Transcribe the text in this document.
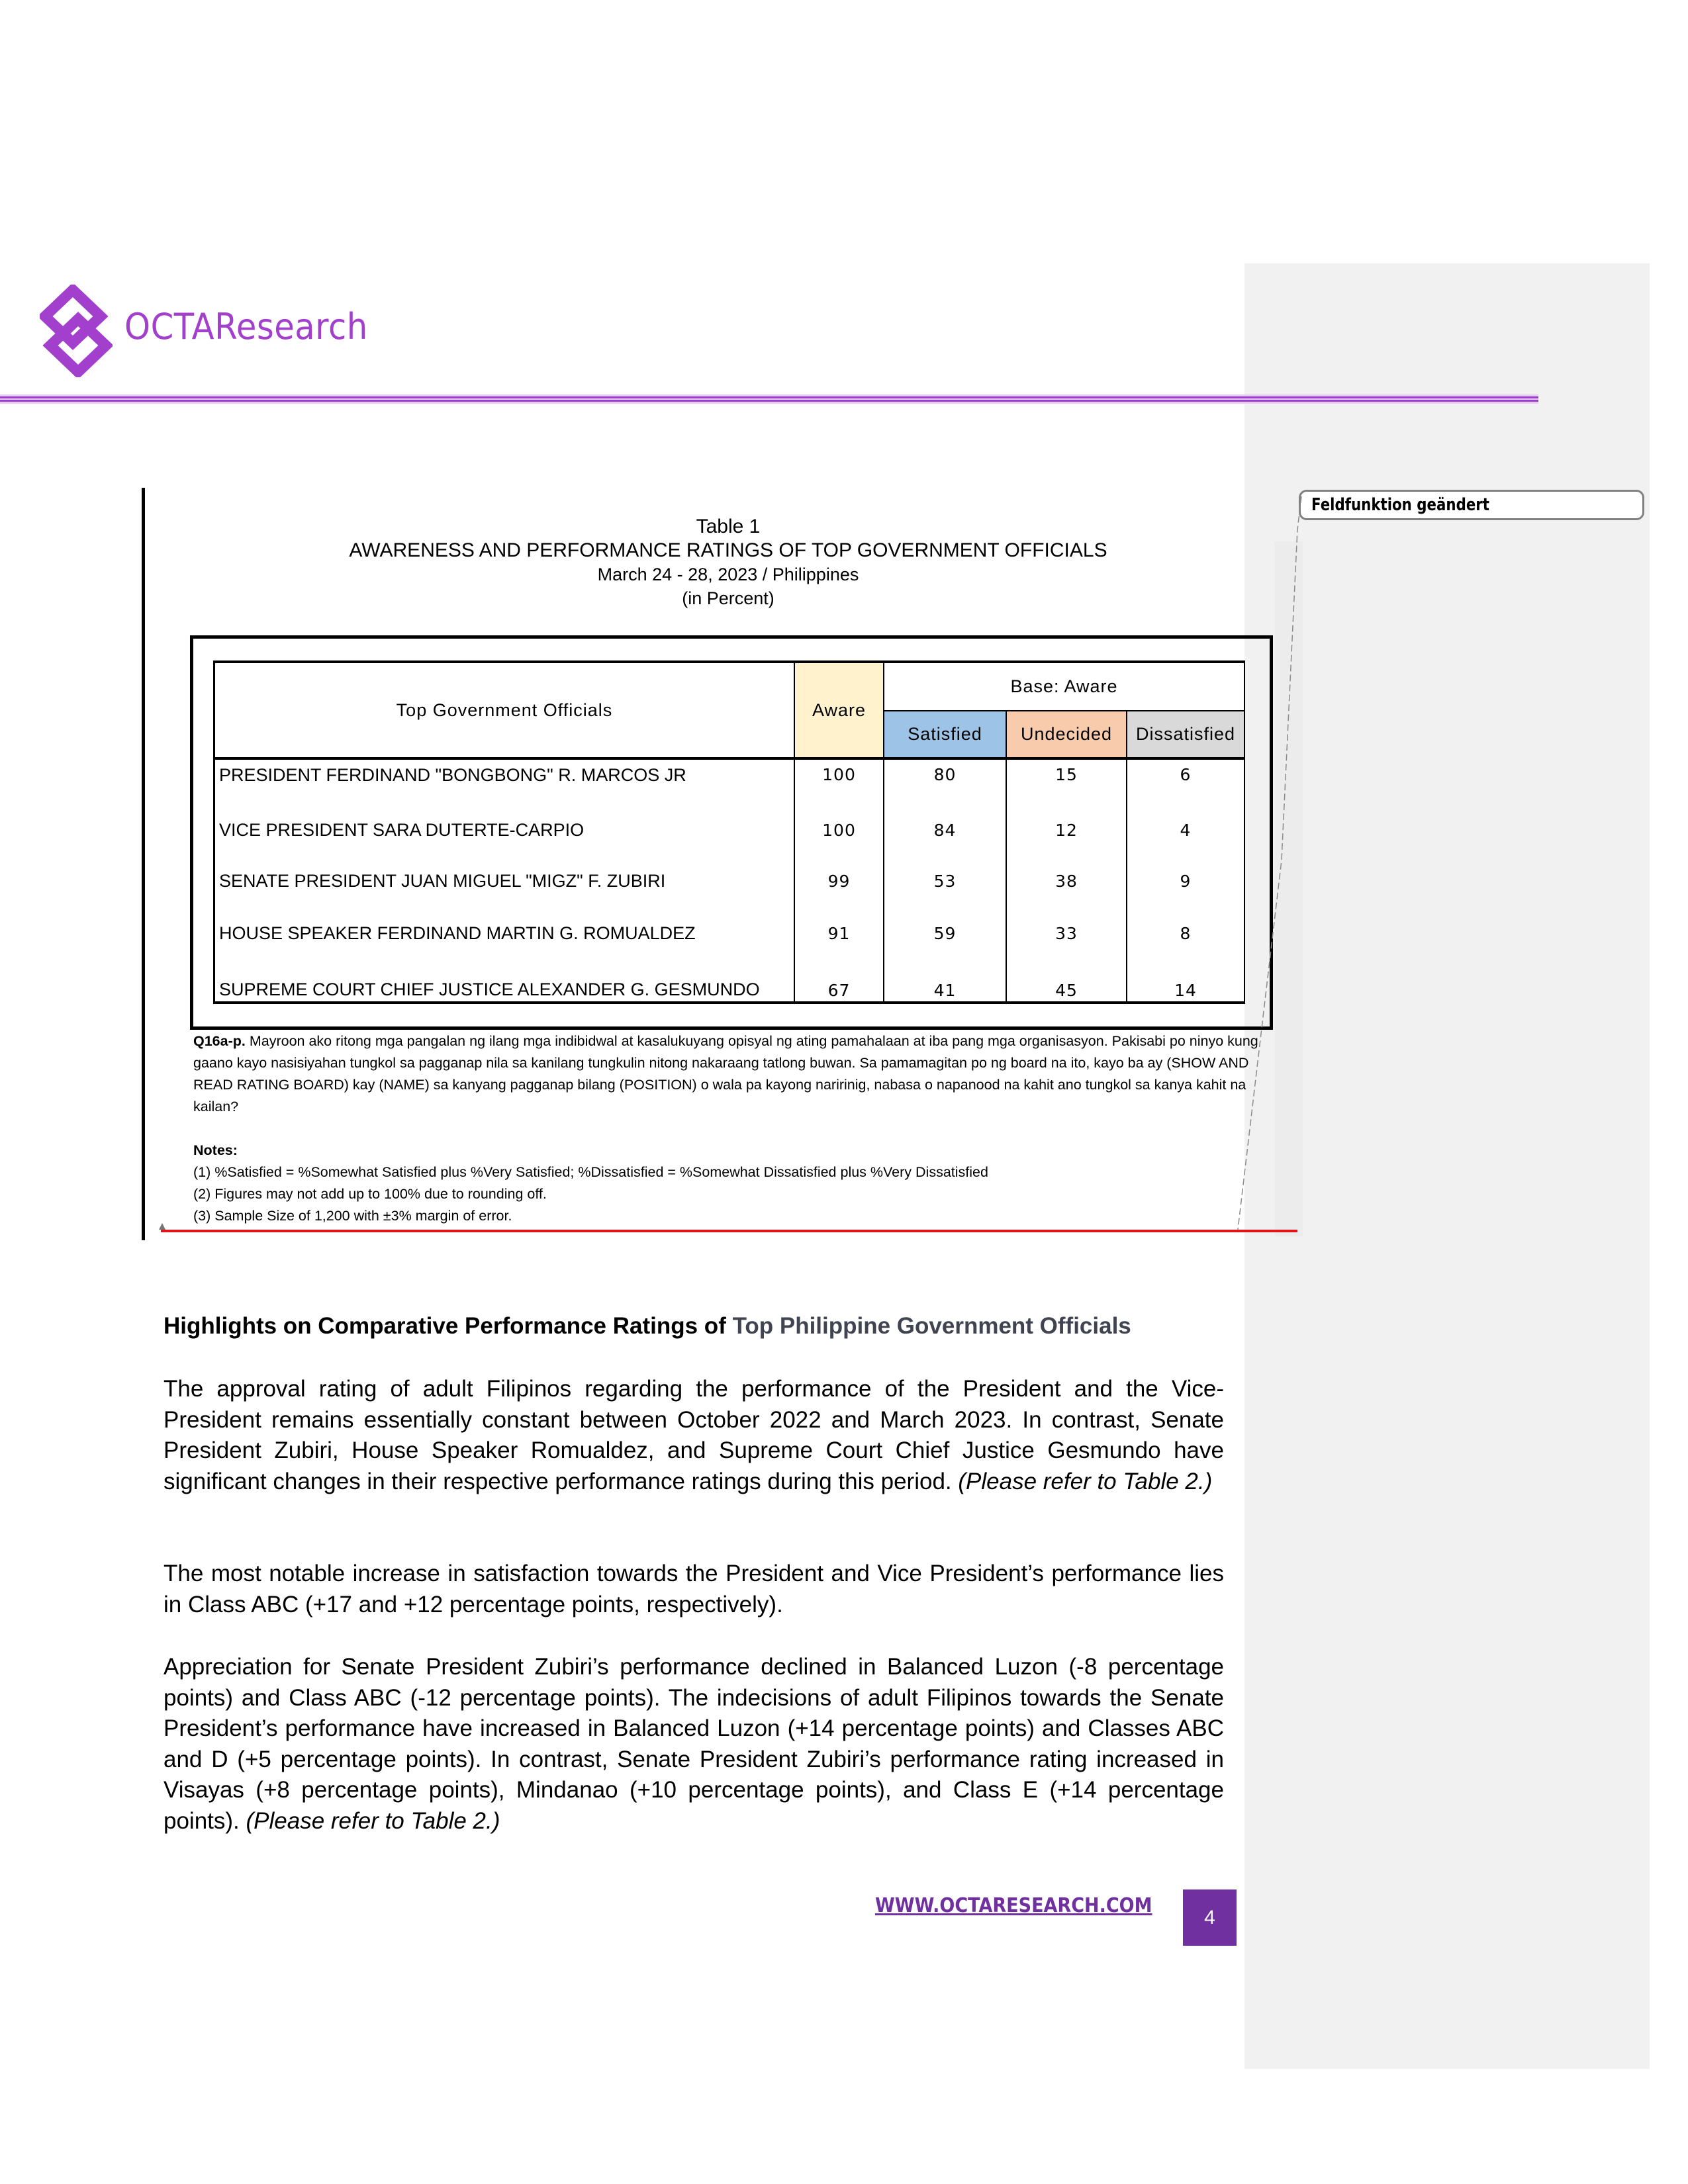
Feldfunktion geändert
OCTAResearch
Table 1
AWARENESS AND PERFORMANCE RATINGS OF TOP GOVERNMENT OFFICIALS
March 24 - 28, 2023 / Philippines
(in Percent)
Top Government Officials	Aware	Base: Aware		
		Satisfied	Undecided	Dissatisfied
PRESIDENT FERDINAND "BONGBONG" R. MARCOS JR	100	80	15	6
VICE PRESIDENT SARA DUTERTE-CARPIO	100	84	12	4
SENATE PRESIDENT JUAN MIGUEL "MIGZ" F. ZUBIRI	99	53	38	9
HOUSE SPEAKER FERDINAND MARTIN G. ROMUALDEZ	91	59	33	8
SUPREME COURT CHIEF JUSTICE ALEXANDER G. GESMUNDO	67	41	45	14
Q16a-p. Mayroon ako ritong mga pangalan ng ilang mga indibidwal at kasalukuyang opisyal ng ating pamahalaan at iba pang mga organisasyon. Pakisabi po ninyo kung gaano kayo nasisiyahan tungkol sa pagganap nila sa kanilang tungkulin nitong nakaraang tatlong buwan. Sa pamamagitan po ng board na ito, kayo ba ay (SHOW AND READ RATING BOARD) kay (NAME) sa kanyang pagganap bilang (POSITION) o wala pa kayong naririnig, nabasa o napanood na kahit ano tungkol sa kanya kahit na kailan?
Notes:
(1) %Satisfied = %Somewhat Satisfied plus %Very Satisfied; %Dissatisfied = %Somewhat Dissatisfied plus %Very Dissatisfied
(2) Figures may not add up to 100% due to rounding off.
(3) Sample Size of 1,200 with ±3% margin of error.
Highlights on Comparative Performance Ratings of Top Philippine Government Officials
The approval rating of adult Filipinos regarding the performance of the President and the Vice-President remains essentially constant between October 2022 and March 2023. In contrast, Senate President Zubiri, House Speaker Romualdez, and Supreme Court Chief Justice Gesmundo have significant changes in their respective performance ratings during this period. (Please refer to Table 2.)
The most notable increase in satisfaction towards the President and Vice President’s performance lies in Class ABC (+17 and +12 percentage points, respectively).
Appreciation for Senate President Zubiri’s performance declined in Balanced Luzon (-8 percentage points) and Class ABC (-12 percentage points). The indecisions of adult Filipinos towards the Senate President’s performance have increased in Balanced Luzon (+14 percentage points) and Classes ABC and D (+5 percentage points). In contrast, Senate President Zubiri’s performance rating increased in Visayas (+8 percentage points), Mindanao (+10 percentage points), and Class E (+14 percentage points). (Please refer to Table 2.)
WWW.OCTARESEARCH.COM
4
